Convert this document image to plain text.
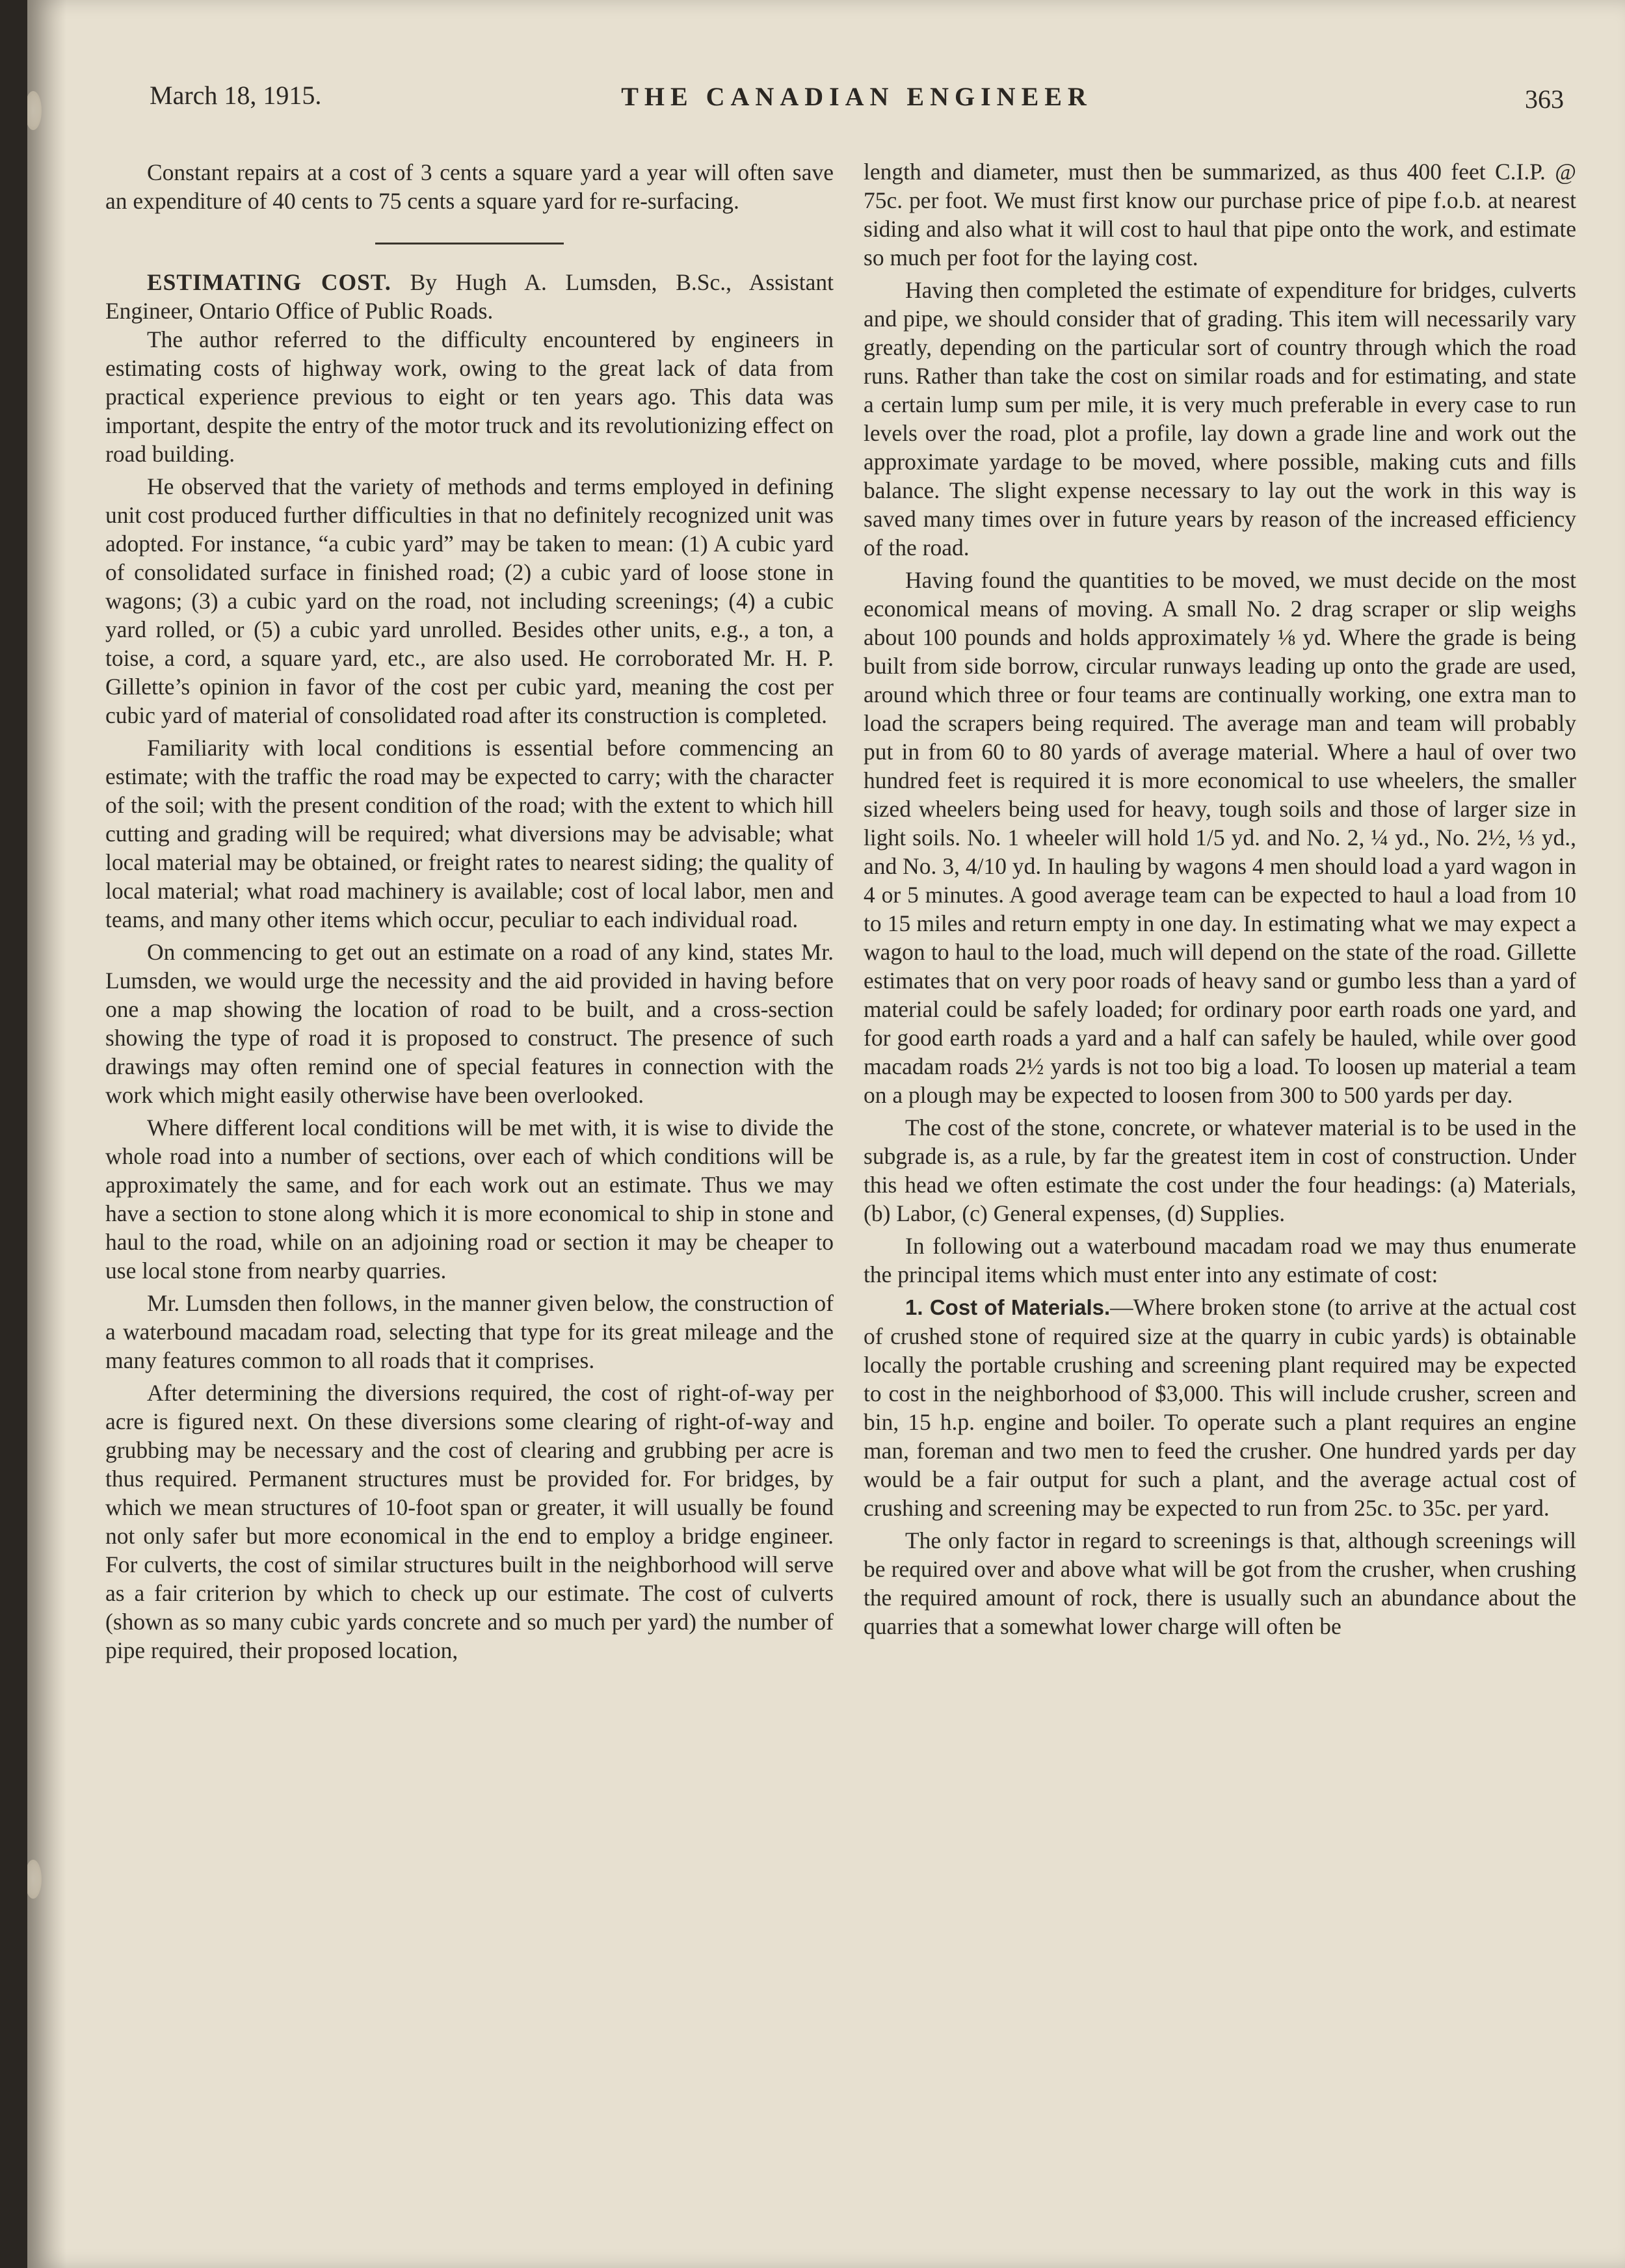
March 18, 1915.	THE CANADIAN ENGINEER	363

Constant repairs at a cost of 3 cents a square yard a year will often save an expenditure of 40 cents to 75 cents a square yard for re-surfacing.

ESTIMATING COST. By Hugh A. Lumsden, B.Sc., Assistant Engineer, Ontario Office of Public Roads.

The author referred to the difficulty encountered by engineers in estimating costs of highway work, owing to the great lack of data from practical experience previous to eight or ten years ago. This data was important, despite the entry of the motor truck and its revolutionizing effect on road building.

He observed that the variety of methods and terms employed in defining unit cost produced further difficulties in that no definitely recognized unit was adopted. For instance, “a cubic yard” may be taken to mean: (1) A cubic yard of consolidated surface in finished road; (2) a cubic yard of loose stone in wagons; (3) a cubic yard on the road, not including screenings; (4) a cubic yard rolled, or (5) a cubic yard unrolled. Besides other units, e.g., a ton, a toise, a cord, a square yard, etc., are also used. He corroborated Mr. H. P. Gillette’s opinion in favor of the cost per cubic yard, meaning the cost per cubic yard of material of consolidated road after its construction is completed.

Familiarity with local conditions is essential before commencing an estimate; with the traffic the road may be expected to carry; with the character of the soil; with the present condition of the road; with the extent to which hill cutting and grading will be required; what diversions may be advisable; what local material may be obtained, or freight rates to nearest siding; the quality of local material; what road machinery is available; cost of local labor, men and teams, and many other items which occur, peculiar to each individual road.

On commencing to get out an estimate on a road of any kind, states Mr. Lumsden, we would urge the necessity and the aid provided in having before one a map showing the location of road to be built, and a cross-section showing the type of road it is proposed to construct. The presence of such drawings may often remind one of special features in connection with the work which might easily otherwise have been overlooked.

Where different local conditions will be met with, it is wise to divide the whole road into a number of sections, over each of which conditions will be approximately the same, and for each work out an estimate. Thus we may have a section to stone along which it is more economical to ship in stone and haul to the road, while on an adjoining road or section it may be cheaper to use local stone from nearby quarries.

Mr. Lumsden then follows, in the manner given below, the construction of a waterbound macadam road, selecting that type for its great mileage and the many features common to all roads that it comprises.

After determining the diversions required, the cost of right-of-way per acre is figured next. On these diversions some clearing of right-of-way and grubbing may be necessary and the cost of clearing and grubbing per acre is thus required. Permanent structures must be provided for. For bridges, by which we mean structures of 10-foot span or greater, it will usually be found not only safer but more economical in the end to employ a bridge engineer. For culverts, the cost of similar structures built in the neighborhood will serve as a fair criterion by which to check up our estimate. The cost of culverts (shown as so many cubic yards concrete and so much per yard) the number of pipe required, their proposed location,

length and diameter, must then be summarized, as thus 400 feet C.I.P. @ 75c. per foot. We must first know our purchase price of pipe f.o.b. at nearest siding and also what it will cost to haul that pipe onto the work, and estimate so much per foot for the laying cost.

Having then completed the estimate of expenditure for bridges, culverts and pipe, we should consider that of grading. This item will necessarily vary greatly, depending on the particular sort of country through which the road runs. Rather than take the cost on similar roads and for estimating, and state a certain lump sum per mile, it is very much preferable in every case to run levels over the road, plot a profile, lay down a grade line and work out the approximate yardage to be moved, where possible, making cuts and fills balance. The slight expense necessary to lay out the work in this way is saved many times over in future years by reason of the increased efficiency of the road.

Having found the quantities to be moved, we must decide on the most economical means of moving. A small No. 2 drag scraper or slip weighs about 100 pounds and holds approximately ⅛ yd. Where the grade is being built from side borrow, circular runways leading up onto the grade are used, around which three or four teams are continually working, one extra man to load the scrapers being required. The average man and team will probably put in from 60 to 80 yards of average material. Where a haul of over two hundred feet is required it is more economical to use wheelers, the smaller sized wheelers being used for heavy, tough soils and those of larger size in light soils. No. 1 wheeler will hold 1/5 yd. and No. 2, ¼ yd., No. 2½, ⅓ yd., and No. 3, 4/10 yd. In hauling by wagons 4 men should load a yard wagon in 4 or 5 minutes. A good average team can be expected to haul a load from 10 to 15 miles and return empty in one day. In estimating what we may expect a wagon to haul to the load, much will depend on the state of the road. Gillette estimates that on very poor roads of heavy sand or gumbo less than a yard of material could be safely loaded; for ordinary poor earth roads one yard, and for good earth roads a yard and a half can safely be hauled, while over good macadam roads 2½ yards is not too big a load. To loosen up material a team on a plough may be expected to loosen from 300 to 500 yards per day.

The cost of the stone, concrete, or whatever material is to be used in the subgrade is, as a rule, by far the greatest item in cost of construction. Under this head we often estimate the cost under the four headings: (a) Materials, (b) Labor, (c) General expenses, (d) Supplies.

In following out a waterbound macadam road we may thus enumerate the principal items which must enter into any estimate of cost:

1. Cost of Materials.—Where broken stone (to arrive at the actual cost of crushed stone of required size at the quarry in cubic yards) is obtainable locally the portable crushing and screening plant required may be expected to cost in the neighborhood of $3,000. This will include crusher, screen and bin, 15 h.p. engine and boiler. To operate such a plant requires an engine man, foreman and two men to feed the crusher. One hundred yards per day would be a fair output for such a plant, and the average actual cost of crushing and screening may be expected to run from 25c. to 35c. per yard.

The only factor in regard to screenings is that, although screenings will be required over and above what will be got from the crusher, when crushing the required amount of rock, there is usually such an abundance about the quarries that a somewhat lower charge will often be
